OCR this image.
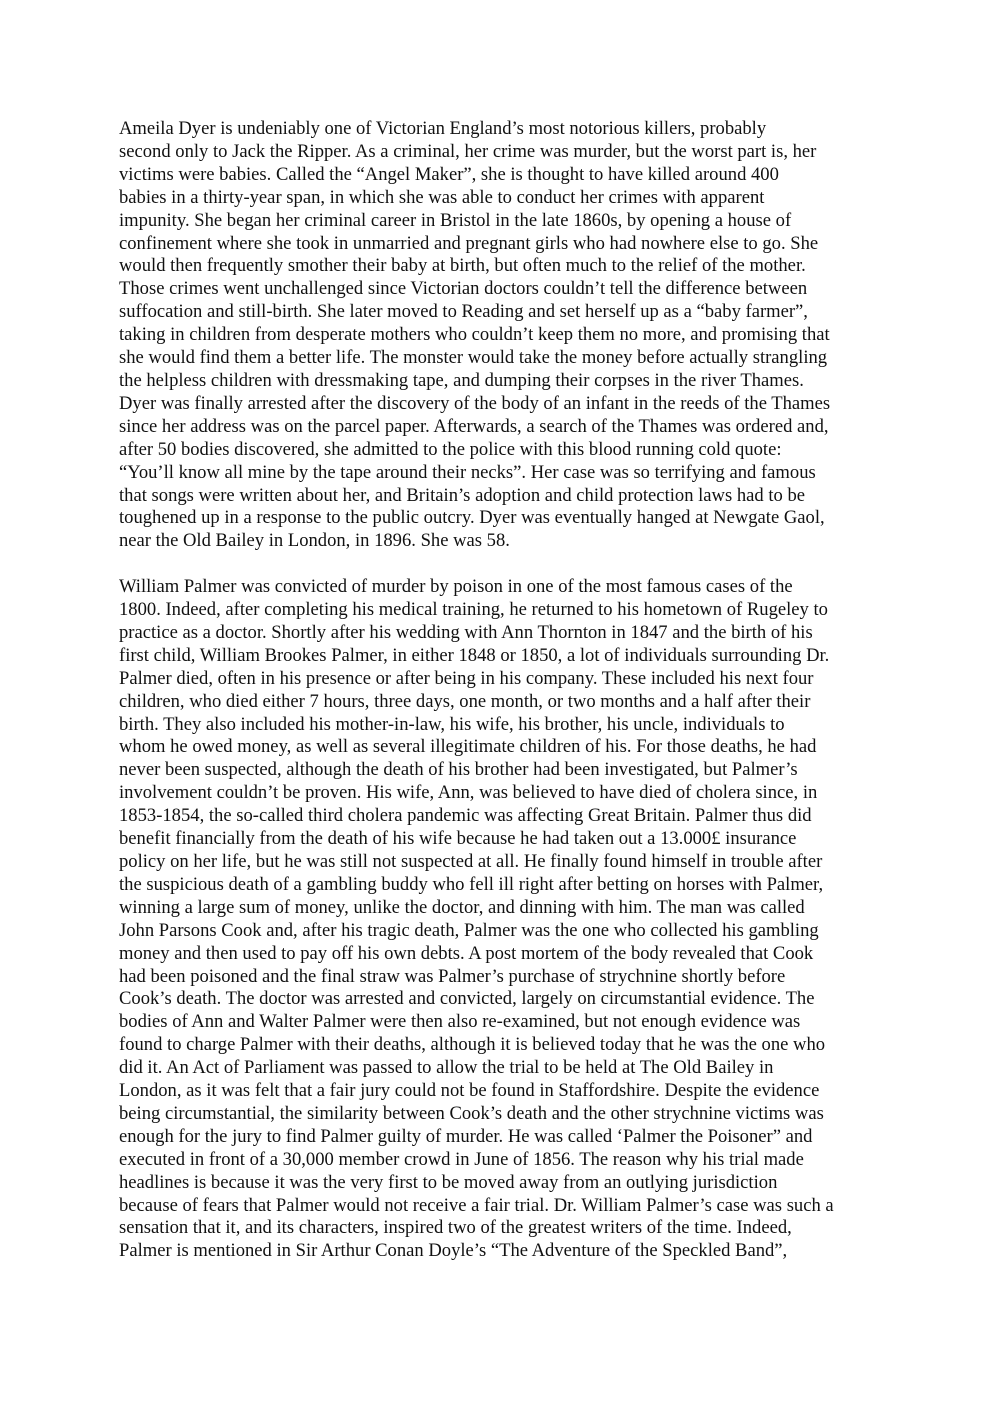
Ameila Dyer is undeniably one of Victorian England’s most notorious killers, probably
second only to Jack the Ripper. As a criminal, her crime was murder, but the worst part is, her
victims were babies. Called the “Angel Maker”, she is thought to have killed around 400
babies in a thirty-year span, in which she was able to conduct her crimes with apparent
impunity. She began her criminal career in Bristol in the late 1860s, by opening a house of
confinement where she took in unmarried and pregnant girls who had nowhere else to go. She
would then frequently smother their baby at birth, but often much to the relief of the mother.
Those crimes went unchallenged since Victorian doctors couldn’t tell the difference between
suffocation and still-birth. She later moved to Reading and set herself up as a “baby farmer”,
taking in children from desperate mothers who couldn’t keep them no more, and promising that
she would find them a better life. The monster would take the money before actually strangling
the helpless children with dressmaking tape, and dumping their corpses in the river Thames.
Dyer was finally arrested after the discovery of the body of an infant in the reeds of the Thames
since her address was on the parcel paper. Afterwards, a search of the Thames was ordered and,
after 50 bodies discovered, she admitted to the police with this blood running cold quote:
“You’ll know all mine by the tape around their necks”. Her case was so terrifying and famous
that songs were written about her, and Britain’s adoption and child protection laws had to be
toughened up in a response to the public outcry. Dyer was eventually hanged at Newgate Gaol,
near the Old Bailey in London, in 1896. She was 58.

William Palmer was convicted of murder by poison in one of the most famous cases of the
1800. Indeed, after completing his medical training, he returned to his hometown of Rugeley to
practice as a doctor. Shortly after his wedding with Ann Thornton in 1847 and the birth of his
first child, William Brookes Palmer, in either 1848 or 1850, a lot of individuals surrounding Dr.
Palmer died, often in his presence or after being in his company. These included his next four
children, who died either 7 hours, three days, one month, or two months and a half after their
birth. They also included his mother-in-law, his wife, his brother, his uncle, individuals to
whom he owed money, as well as several illegitimate children of his. For those deaths, he had
never been suspected, although the death of his brother had been investigated, but Palmer’s
involvement couldn’t be proven. His wife, Ann, was believed to have died of cholera since, in
1853-1854, the so-called third cholera pandemic was affecting Great Britain. Palmer thus did
benefit financially from the death of his wife because he had taken out a 13.000£ insurance
policy on her life, but he was still not suspected at all. He finally found himself in trouble after
the suspicious death of a gambling buddy who fell ill right after betting on horses with Palmer,
winning a large sum of money, unlike the doctor, and dinning with him. The man was called
John Parsons Cook and, after his tragic death, Palmer was the one who collected his gambling
money and then used to pay off his own debts. A post mortem of the body revealed that Cook
had been poisoned and the final straw was Palmer’s purchase of strychnine shortly before
Cook’s death. The doctor was arrested and convicted, largely on circumstantial evidence. The
bodies of Ann and Walter Palmer were then also re-examined, but not enough evidence was
found to charge Palmer with their deaths, although it is believed today that he was the one who
did it. An Act of Parliament was passed to allow the trial to be held at The Old Bailey in
London, as it was felt that a fair jury could not be found in Staffordshire. Despite the evidence
being circumstantial, the similarity between Cook’s death and the other strychnine victims was
enough for the jury to find Palmer guilty of murder. He was called ‘Palmer the Poisoner” and
executed in front of a 30,000 member crowd in June of 1856. The reason why his trial made
headlines is because it was the very first to be moved away from an outlying jurisdiction
because of fears that Palmer would not receive a fair trial. Dr. William Palmer’s case was such a
sensation that it, and its characters, inspired two of the greatest writers of the time. Indeed,
Palmer is mentioned in Sir Arthur Conan Doyle’s “The Adventure of the Speckled Band”,
